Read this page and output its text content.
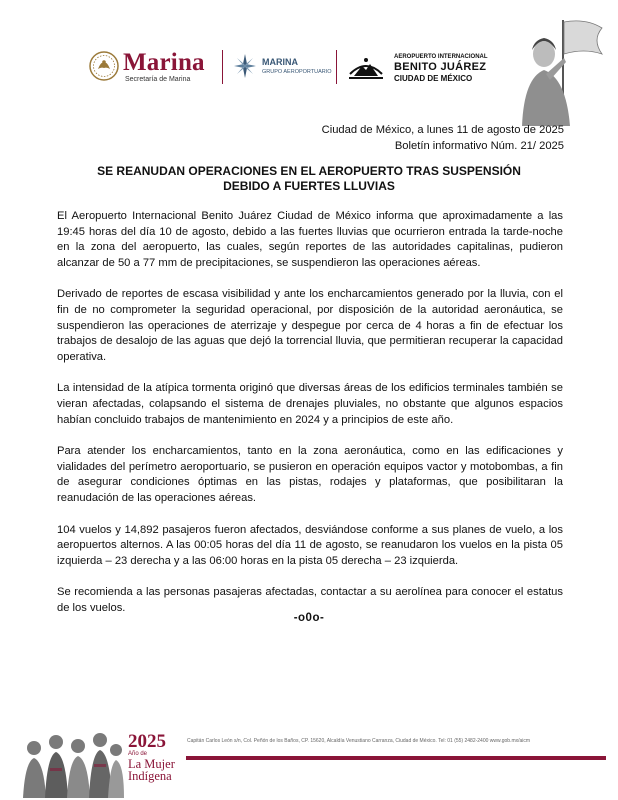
Marina
Secretaría de Marina
MARINA
GRUPO AEROPORTUARIO
AEROPUERTO INTERNACIONAL
BENITO JUÁREZ
CIUDAD DE MÉXICO
Ciudad de México, a lunes 11 de agosto de 2025
Boletín informativo Núm. 21/ 2025
SE REANUDAN OPERACIONES EN EL AEROPUERTO TRAS SUSPENSIÓN DEBIDO A FUERTES LLUVIAS

El Aeropuerto Internacional Benito Juárez Ciudad de México informa que aproximadamente a las 19:45 horas del día 10 de agosto, debido a las fuertes lluvias que ocurrieron entrada la tarde-noche en la zona del aeropuerto, las cuales, según reportes de las autoridades capitalinas, pudieron alcanzar de 50 a 77 mm de precipitaciones, se suspendieron las operaciones aéreas.

Derivado de reportes de escasa visibilidad y ante los encharcamientos generado por la lluvia, con el fin de no comprometer la seguridad operacional, por disposición de la autoridad aeronáutica, se suspendieron las operaciones de aterrizaje y despegue por cerca de 4 horas a fin de efectuar los trabajos de desalojo de las aguas que dejó la torrencial lluvia, que permitieran recuperar la capacidad operativa.

La intensidad de la atípica tormenta originó que diversas áreas de los edificios terminales también se vieran afectadas, colapsando el sistema de drenajes pluviales, no obstante que algunos espacios habían concluido trabajos de mantenimiento en 2024 y a principios de este año.

Para atender los encharcamientos, tanto en la zona aeronáutica, como en las edificaciones y vialidades del perímetro aeroportuario, se pusieron en operación equipos vactor y motobombas, a fin de asegurar condiciones óptimas en las pistas, rodajes y plataformas, que posibilitaran la reanudación de las operaciones aéreas.

104 vuelos y 14,892 pasajeros fueron afectados, desviándose conforme a sus planes de vuelo, a los aeropuertos alternos. A las 00:05 horas del día 11 de agosto, se reanudaron los vuelos en la pista 05 izquierda – 23 derecha y a las 06:00 horas en la pista 05 derecha – 23 izquierda.

Se recomienda a las personas pasajeras afectadas, contactar a su aerolínea para conocer el estatus de los vuelos.

-o0o-
2025
Año de
La Mujer
Indígena
Capitán Carlos León s/n, Col. Peñón de los Baños, CP. 15620, Alcaldía Venustiano Carranza, Ciudad de México. Tel: 01 (55) 2482-2400 www.gob.mx/aicm
